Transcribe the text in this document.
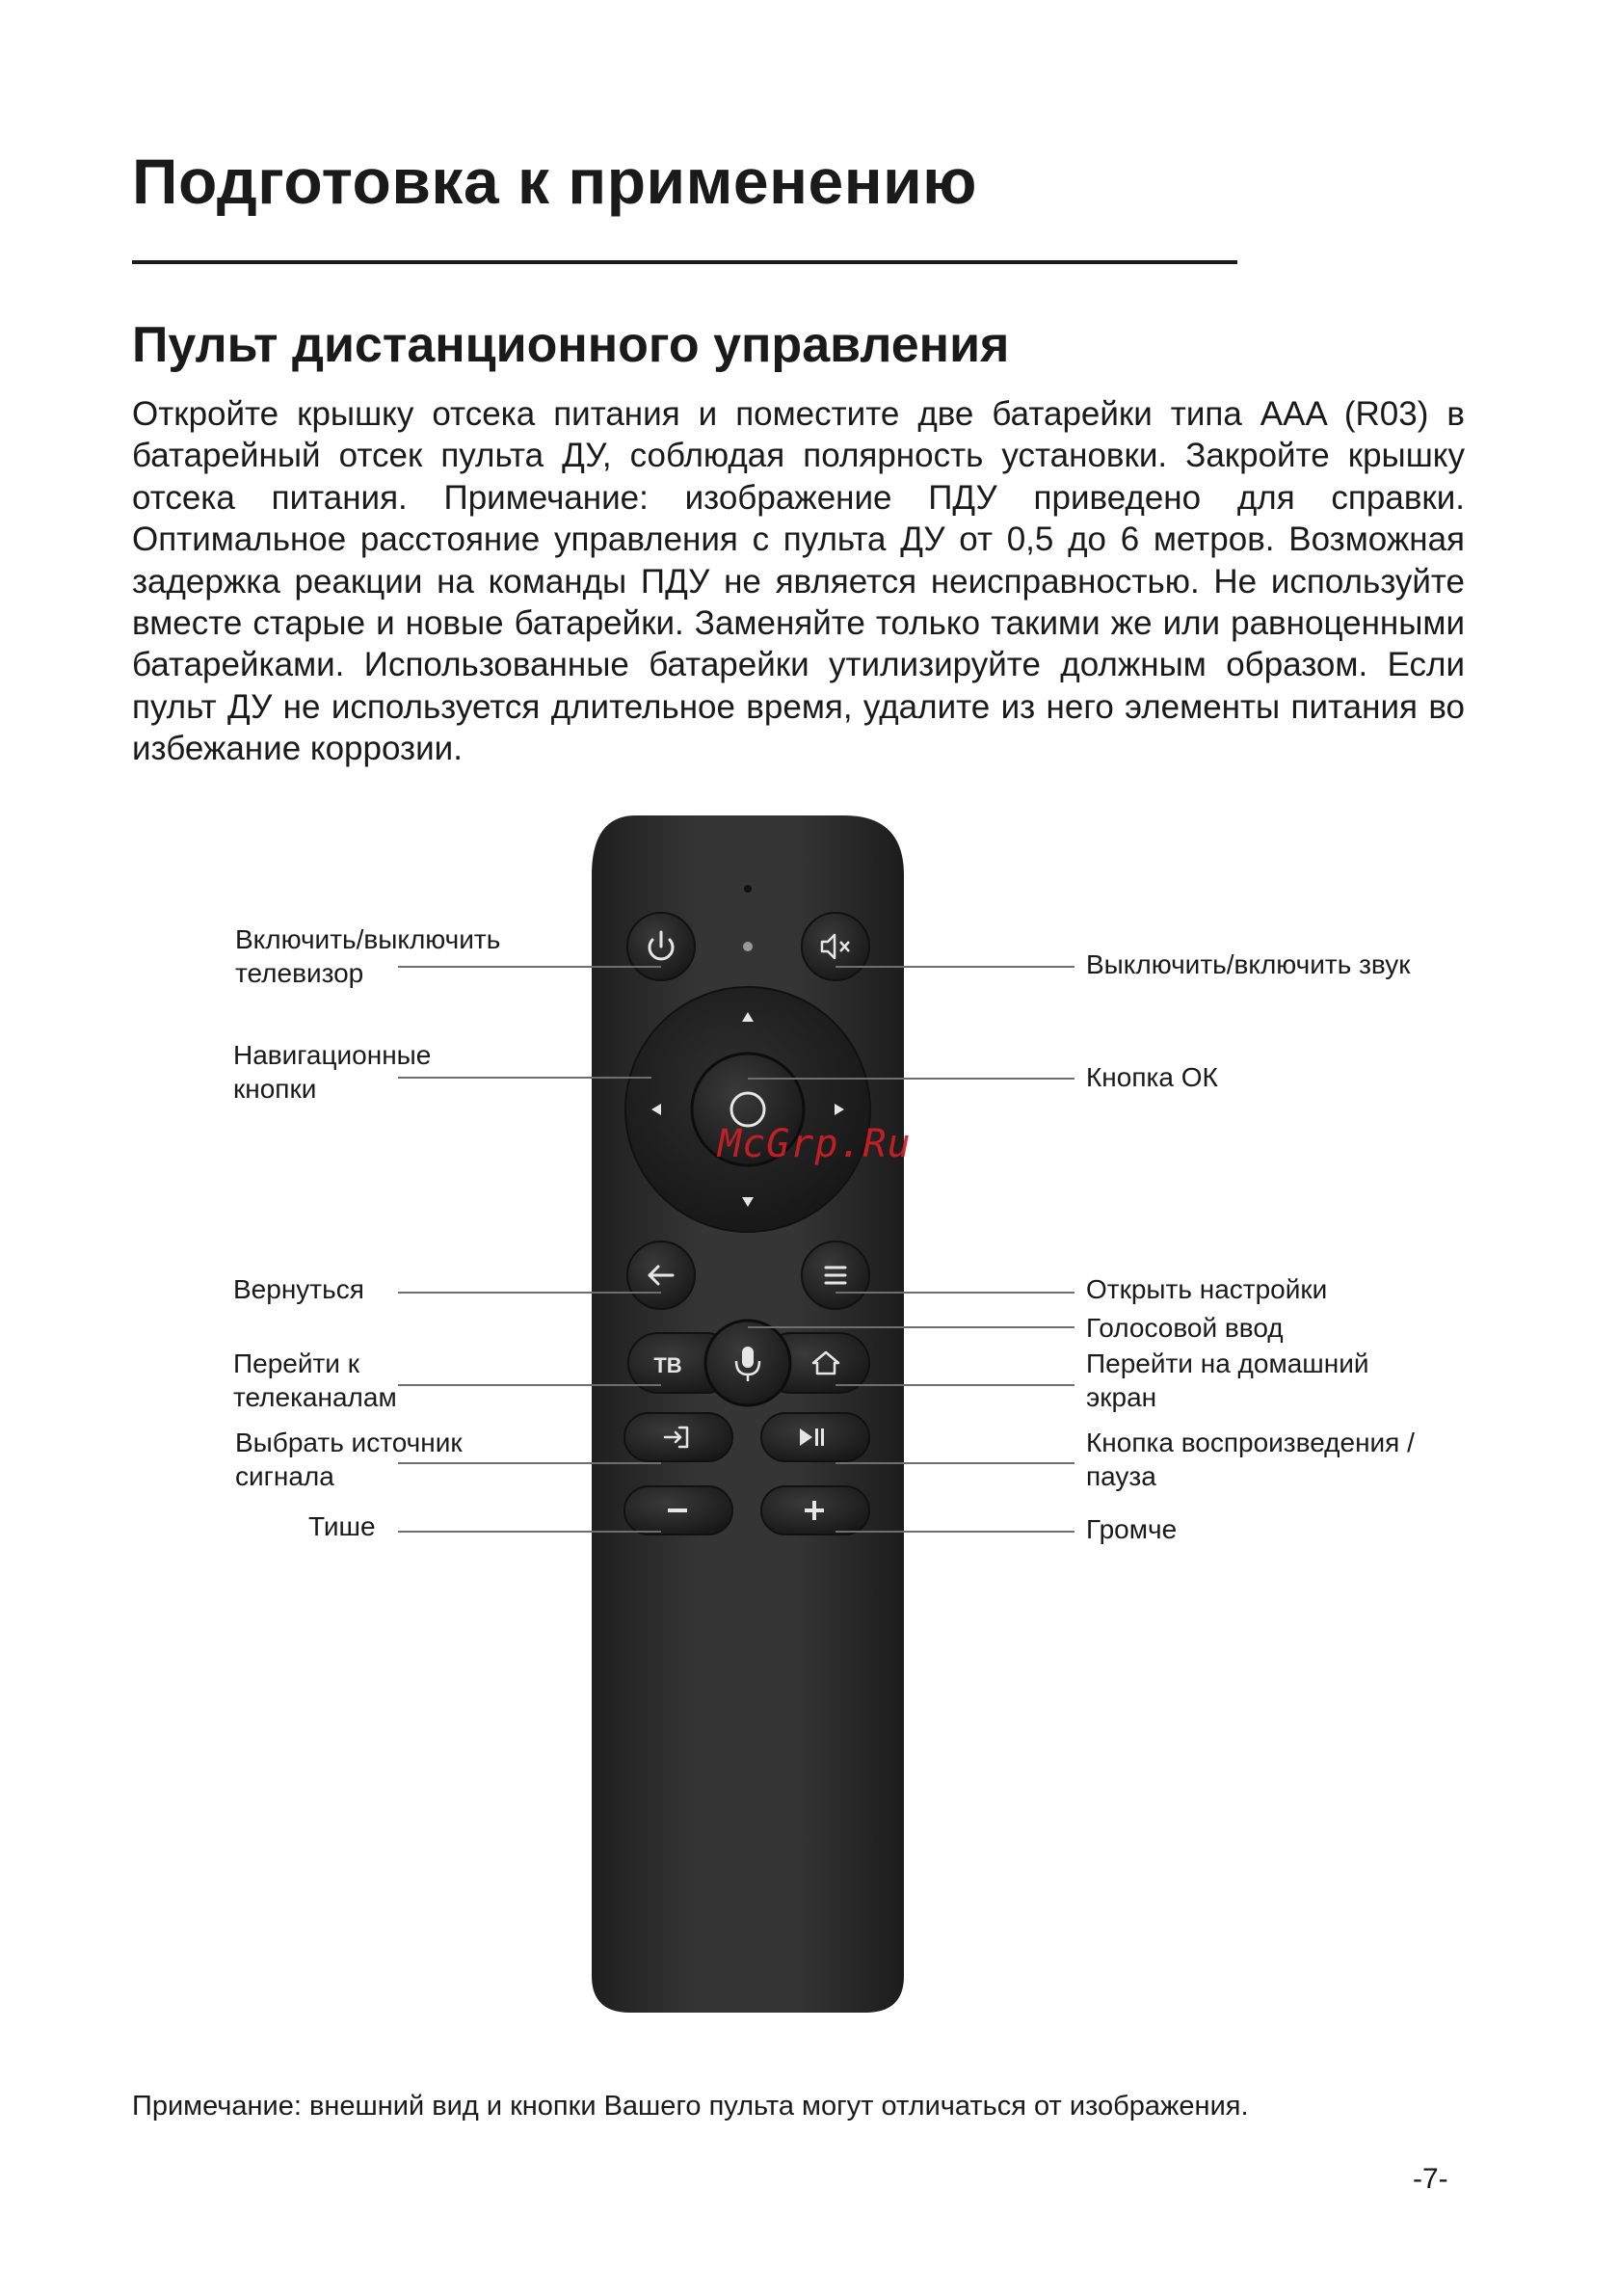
Подготовка к применению
Пульт дистанционного управления

Откройте крышку отсека питания и поместите две батарейки типа AAA (R03) в батарейный отсек пульта ДУ, соблюдая полярность установки. Закройте крышку отсека питания. Примечание: изображение ПДУ приведено для справки. Оптимальное расстояние управления с пульта ДУ от 0,5 до 6 метров. Возможная задержка реакции на команды ПДУ не является неисправностью. Не используйте вместе старые и новые батарейки. Заменяйте только такими же или равноценными батарейками. Использованные батарейки утилизируйте должным образом. Если пульт ДУ не используется длительное время, удалите из него элементы питания во избежание коррозии.

ТВ
Включить/выключить
телевизор
Навигационные
кнопки
Вернуться
Перейти к
телеканалам
Выбрать источник
сигнала
Тише
Выключить/включить звук
Кнопка ОК
Открыть настройки
Голосовой ввод
Перейти на домашний
экран
Кнопка воспроизведения /
пауза
Громче
McGrp.Ru

Примечание: внешний вид и кнопки Вашего пульта могут отличаться от изображения.

-7-
